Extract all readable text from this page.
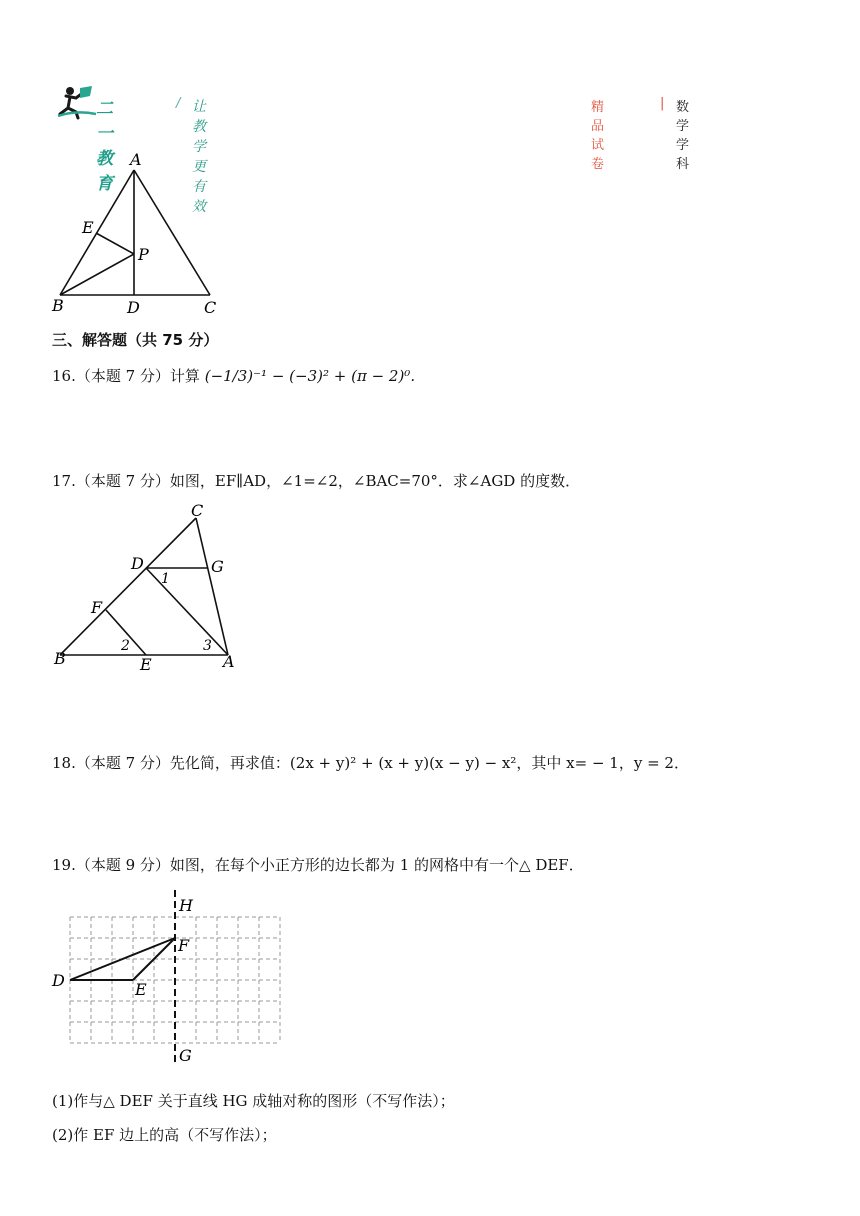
二一教育
/ 让教学更有效
精品试卷
| 数学学科
A
B	C
D
E
P
三、解答题（共 75 分）
16.（本题 7 分）计算 (−1/3)⁻¹ − (−3)² + (π − 2)⁰.
17.（本题 7 分）如图，EF∥AD，∠1=∠2，∠BAC=70°．求∠AGD 的度数．
C
D	G
F
B	E	A
1
2	3
18.（本题 7 分）先化简，再求值：(2x + y)² + (x + y)(x − y) − x²，其中 x= − 1，y = 2．
19.（本题 9 分）如图，在每个小正方形的边长都为 1 的网格中有一个△ DEF．
H
G
D	E
F
(1)作与△ DEF 关于直线 HG 成轴对称的图形（不写作法）；
(2)作 EF 边上的高（不写作法）；
